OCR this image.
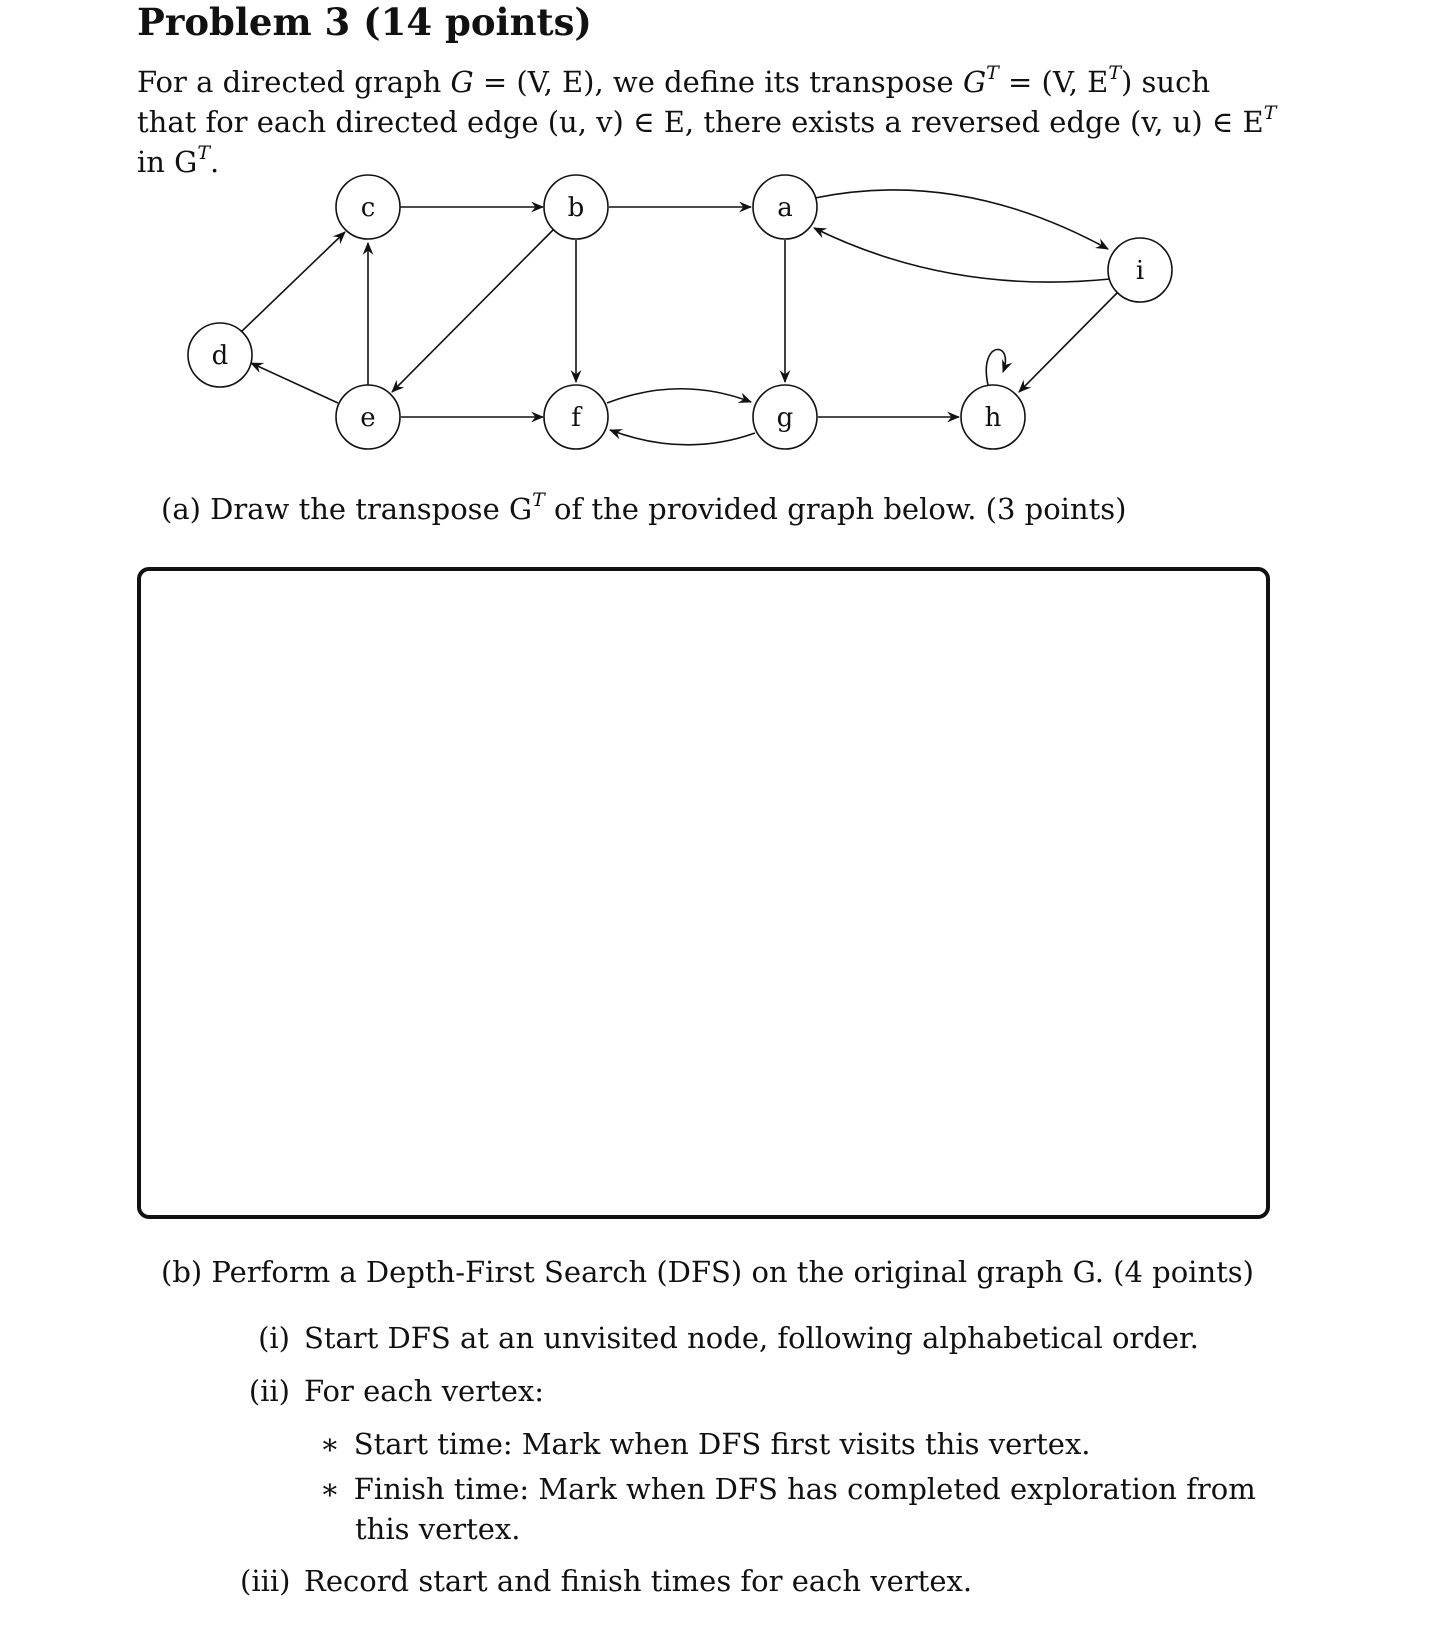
Problem 3 (14 points)
For a directed graph G = (V, E), we define its transpose $G^T = (V$, $E^T$) such
that for each directed edge (u, v) ∈ E, there exists a reversed edge (v, u) ∈ $E^T$
in $G^T$.
c	b	a
i
d
e	f	g	h
(a) Draw the transpose $G^T$ of the provided graph below. (3 points)
(b) Perform a Depth-First Search (DFS) on the original graph G. (4 points)
(i) Start DFS at an unvisited node, following alphabetical order.
(ii) For each vertex:
∗ Start time: Mark when DFS first visits this vertex.
∗ Finish time: Mark when DFS has completed exploration from
this vertex.
(iii) Record start and finish times for each vertex.
